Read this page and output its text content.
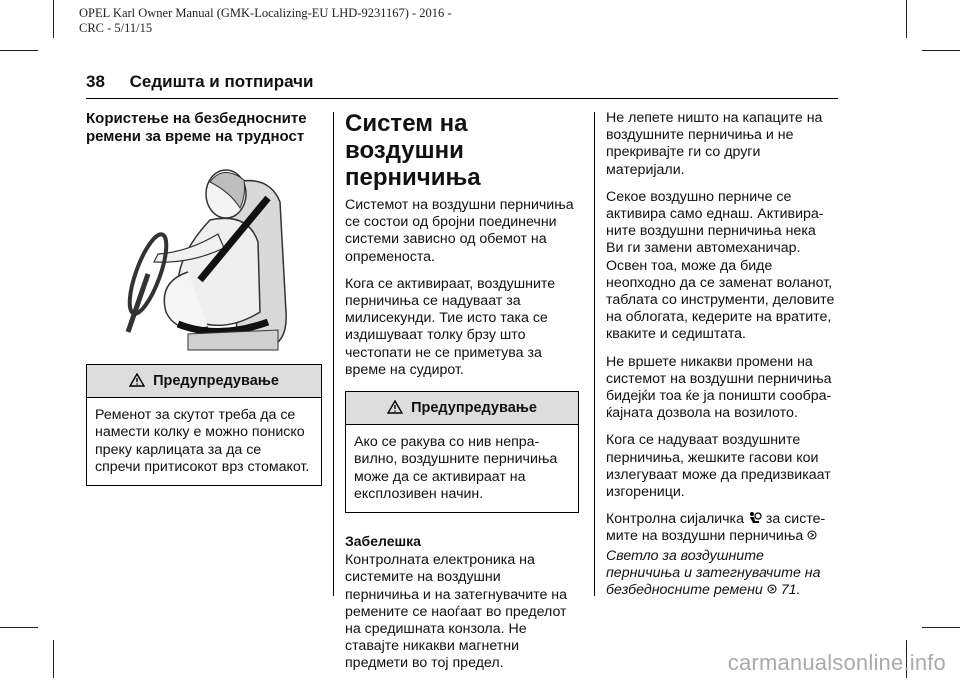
OPEL Karl Owner Manual (GMK-Localizing-EU LHD-9231167) - 2016 -
CRC - 5/11/15
38 Седишта и потпирачи
Користење на безбедносните
ремени за време на трудност
Предупредување
Ременот за скутот треба да се
намести колку е можно пониско
преку карлицата за да се
спречи притисокот врз стомакот.

Систем на воздушни
перничиња

Системот на воздушни перничиња
се состои од бројни поединечни
системи зависно од обемот на
опременоста.

Кога се активираат, воздушните
перничиња се надуваат за
милисекунди. Тие исто така се
издишуваат толку брзу што
честопати не се приметува за
време на судирот.

Предупредување
Ако се ракува со нив непра-
вилно, воздушните перничиња
може да се активираат на
експлозивен начин.

Забелешка

Контролната електроника на
системите на воздушни
перничиња и на затегнувачите на
ремените се наоѓаат во пределот
на средишната конзола. Не
ставајте никакви магнетни
предмети во тој предел.

Не лепете ништо на капаците на
воздушните перничиња и не
прекривајте ги со други
материјали.

Секое воздушно перниче се
активира само еднаш. Активира-
ните воздушни перничиња нека
Ви ги замени автомеханичар.
Освен тоа, може да биде
неопходно да се заменат воланот,
таблата со инструменти, деловите
на облогата, кедерите на вратите,
кваките и седиштата.

Не вршете никакви промени на
системот на воздушни перничиња
бидејќи тоа ќе ја поништи сообра-
ќајната дозвола на возилото.

Кога се надуваат воздушните
перничиња, жешките гасови кои
излегуваат може да предизвикаат
изгореници.

Контролна сијаличка за систе-
мите на воздушни перничиња

Светло за воздушните
перничиња и затегнувачите на
безбедносните ремени 71.

carmanualsonline.info
